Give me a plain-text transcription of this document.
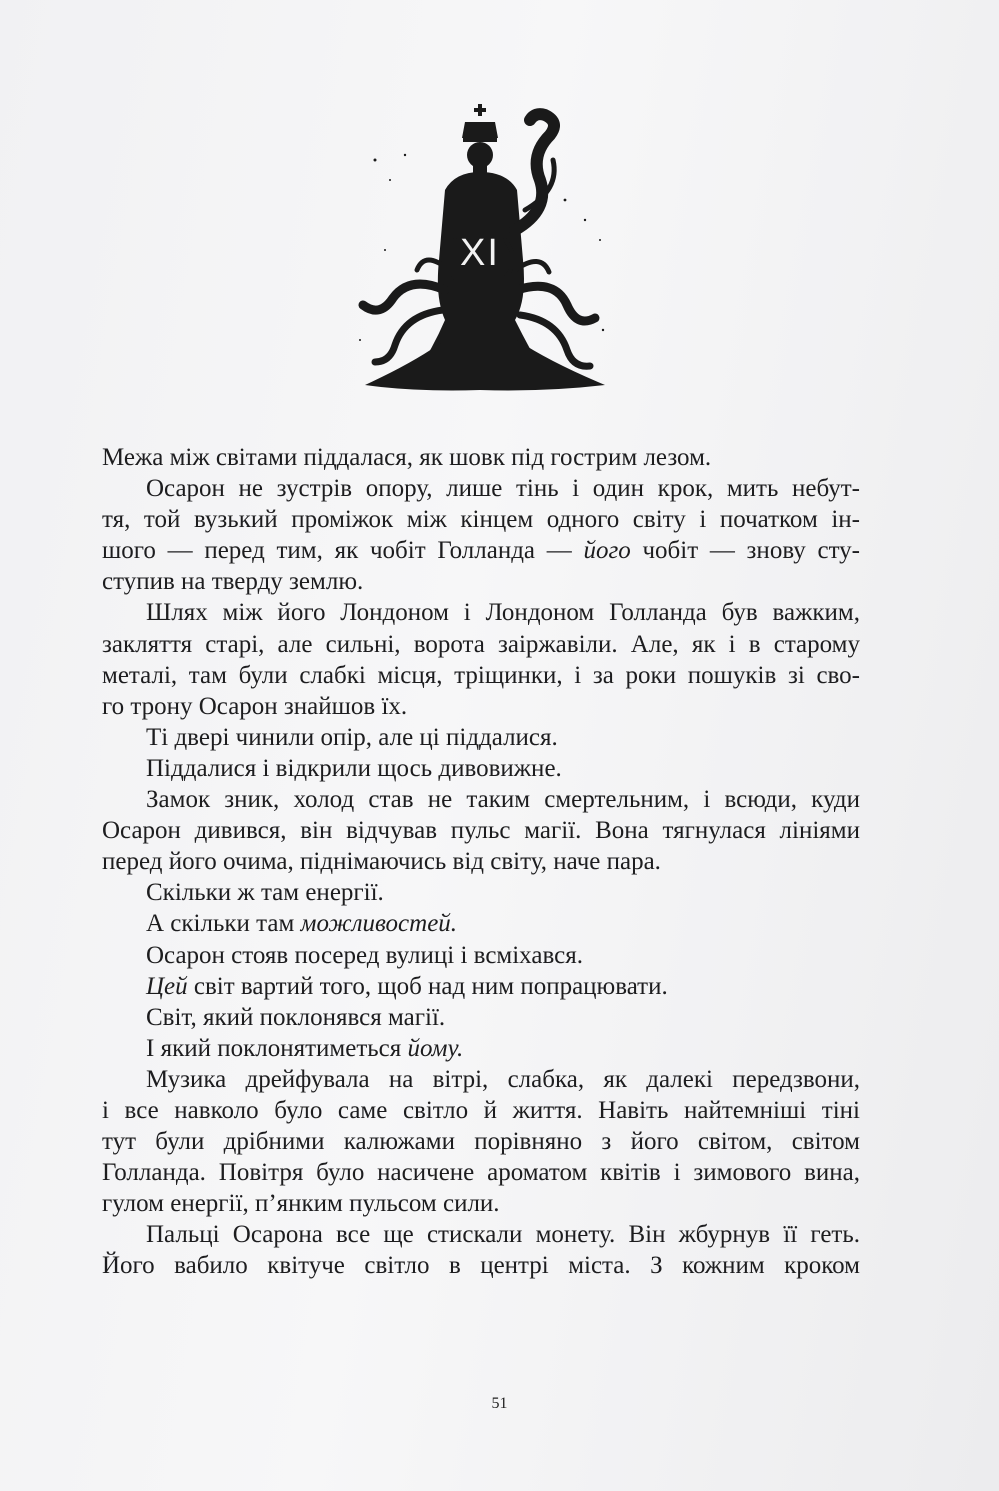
XI

Межа між світами піддалася, як шовк під гострим лезом.

Осарон не зустрів опору, лише тінь і один крок, мить небут-
тя, той вузький проміжок між кінцем одного світу і початком ін-
шого — перед тим, як чобіт Голланда — його чобіт — знову сту-
ступив на тверду землю.

Шлях між його Лондоном і Лондоном Голланда був важким,
закляття старі, але сильні, ворота заіржавіли. Але, як і в старому
металі, там були слабкі місця, тріщинки, і за роки пошуків зі сво-
го трону Осарон знайшов їх.

Ті двері чинили опір, але ці піддалися.

Піддалися і відкрили щось дивовижне.

Замок зник, холод став не таким смертельним, і всюди, куди
Осарон дивився, він відчував пульс магії. Вона тягнулася лініями
перед його очима, піднімаючись від світу, наче пара.

Скільки ж там енергії.

А скільки там можливостей.

Осарон стояв посеред вулиці і всміхався.

Цей світ вартий того, щоб над ним попрацювати.

Світ, який поклонявся магії.

І який поклонятиметься йому.

Музика дрейфувала на вітрі, слабка, як далекі передзвони,
і все навколо було саме світло й життя. Навіть найтемніші тіні
тут були дрібними калюжами порівняно з його світом, світом
Голланда. Повітря було насичене ароматом квітів і зимового вина,
гулом енергії, п’янким пульсом сили.

Пальці Осарона все ще стискали монету. Він жбурнув її геть.
Його вабило квітуче світло в центрі міста. З кожним кроком

51
